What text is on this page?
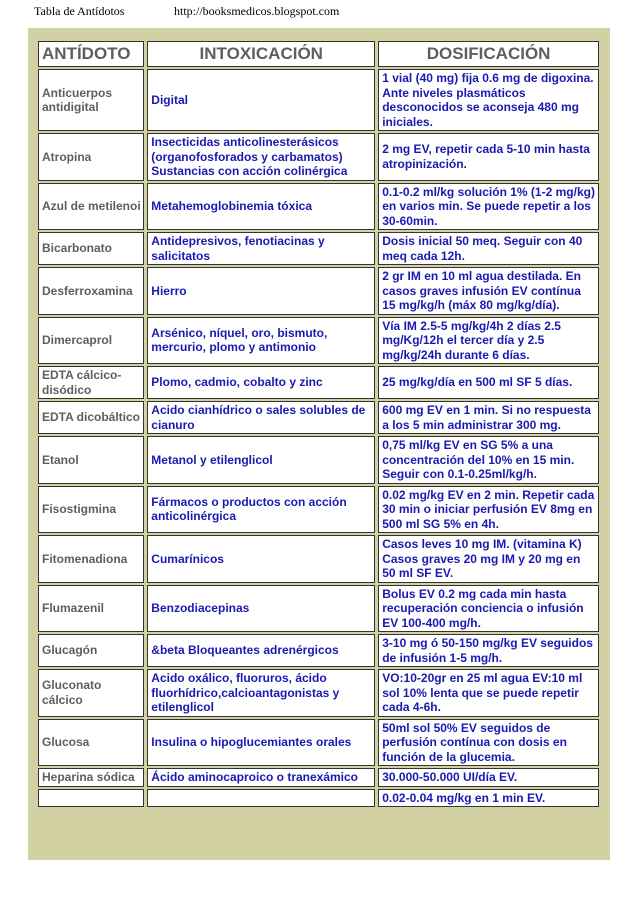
Tabla de Antídotos	http://booksmedicos.blogspot.com
ANTÍDOTO	INTOXICACIÓN	DOSIFICACIÓN
Anticuerpos antidigital	Digital	1 vial (40 mg) fija 0.6 mg de digoxina. Ante niveles plasmáticos desconocidos se aconseja 480 mg iniciales.
Atropina	Insecticidas anticolinesterásicos (organofosforados y carbamatos) Sustancias con acción colinérgica	2 mg EV, repetir cada 5-10 min hasta atropinización.
Azul de metilenoi	Metahemoglobinemia tóxica	0.1-0.2 ml/kg solución 1% (1-2 mg/kg) en varios min. Se puede repetir a los 30-60min.
Bicarbonato	Antidepresivos, fenotiacinas y salicitatos	Dosis inicial 50 meq. Seguir con 40 meq cada 12h.
Desferroxamina	Hierro	2 gr IM en 10 ml agua destilada. En casos graves infusión EV contínua 15 mg/kg/h (máx 80 mg/kg/día).
Dimercaprol	Arsénico, níquel, oro, bismuto, mercurio, plomo y antimonio	Vía IM 2.5-5 mg/kg/4h 2 días 2.5 mg/Kg/12h el tercer día y 2.5 mg/kg/24h durante 6 días.
EDTA cálcico-disódico	Plomo, cadmio, cobalto y zinc	25 mg/kg/día en 500 ml SF 5 días.
EDTA dicobáltico	Acido cianhídrico o sales solubles de cianuro	600 mg EV en 1 min. Si no respuesta a los 5 min administrar 300 mg.
Etanol	Metanol y etilenglicol	0,75 ml/kg EV en SG 5% a una concentración del 10% en 15 min. Seguir con 0.1-0.25ml/kg/h.
Fisostigmina	Fármacos o productos con acción anticolinérgica	0.02 mg/kg EV en 2 min. Repetir cada 30 min o iniciar perfusión EV 8mg en 500 ml SG 5% en 4h.
Fitomenadiona	Cumarínicos	Casos leves 10 mg IM. (vitamina K) Casos graves 20 mg IM y 20 mg en 50 ml SF EV.
Flumazenil	Benzodiacepinas	Bolus EV 0.2 mg cada min hasta recuperación conciencia o infusión EV 100-400 mg/h.
Glucagón	&beta Bloqueantes adrenérgicos	3-10 mg ó 50-150 mg/kg EV seguidos de infusión 1-5 mg/h.
Gluconato cálcico	Acido oxálico, fluoruros, ácido fluorhídrico,calcioantagonistas y etilenglicol	VO:10-20gr en 25 ml agua EV:10 ml sol 10% lenta que se puede repetir cada 4-6h.
Glucosa	Insulina o hipoglucemiantes orales	50ml sol 50% EV seguidos de perfusión contínua con dosis en función de la glucemia.
Heparina sódica	Ácido aminocaproico o tranexámico	30.000-50.000 UI/día EV.
		0.02-0.04 mg/kg en 1 min EV.
